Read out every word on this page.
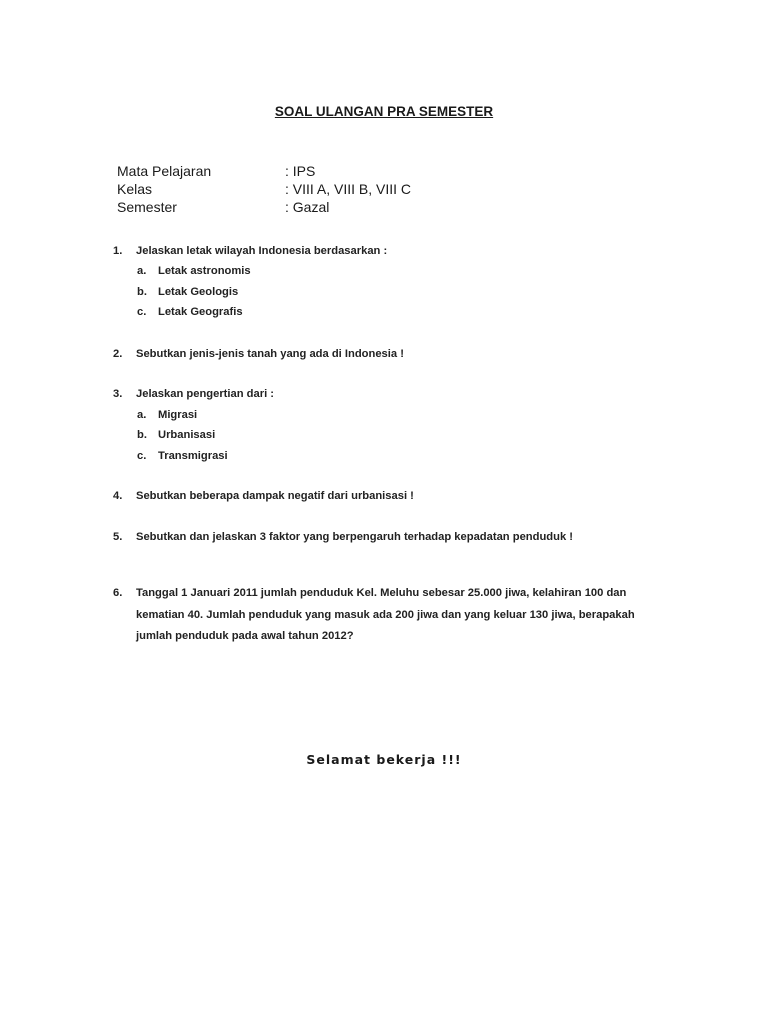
SOAL ULANGAN PRA SEMESTER
Mata Pelajaran	: IPS
Kelas	: VIII A, VIII B, VIII C
Semester	: Gazal
1. Jelaskan letak wilayah Indonesia berdasarkan :
a. Letak astronomis
b. Letak Geologis
c. Letak Geografis
2. Sebutkan jenis-jenis tanah yang ada di Indonesia !
3. Jelaskan pengertian dari :
a. Migrasi
b. Urbanisasi
c. Transmigrasi
4. Sebutkan beberapa dampak negatif dari urbanisasi !
5. Sebutkan dan jelaskan 3 faktor yang berpengaruh terhadap kepadatan penduduk !
6. Tanggal 1 Januari 2011 jumlah penduduk Kel. Meluhu sebesar 25.000 jiwa, kelahiran 100 dan
kematian 40. Jumlah penduduk yang masuk ada 200 jiwa dan yang keluar 130 jiwa, berapakah
jumlah penduduk pada awal tahun 2012?
Selamat bekerja !!!
